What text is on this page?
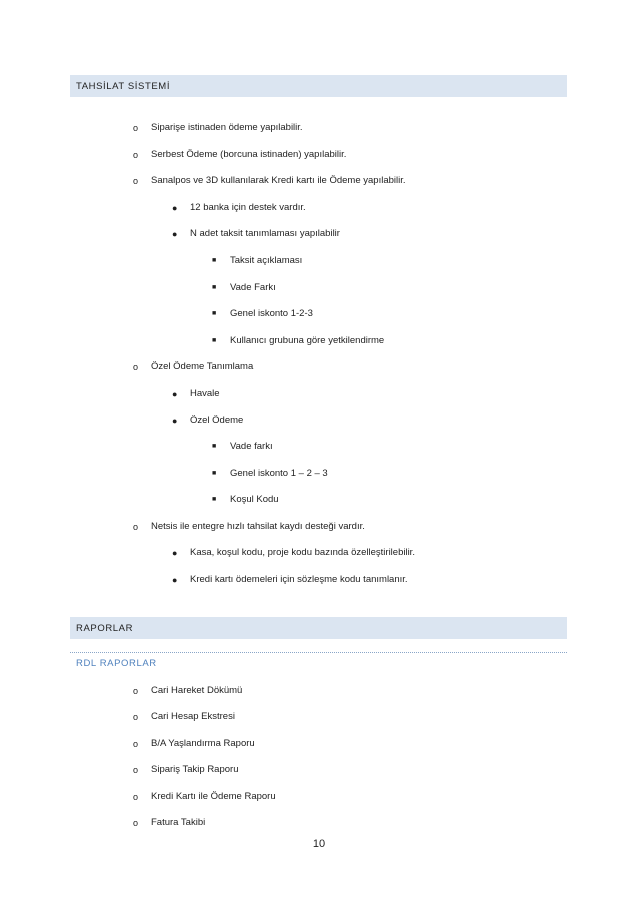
TAHSİLAT SİSTEMİ
o Siparişe istinaden ödeme yapılabilir.
o Serbest Ödeme (borcuna istinaden) yapılabilir.
o Sanalpos ve 3D kullanılarak Kredi kartı ile Ödeme yapılabilir.
● 12 banka için destek vardır.
● N adet taksit tanımlaması yapılabilir
■ Taksit açıklaması
■ Vade Farkı
■ Genel iskonto 1-2-3
■ Kullanıcı grubuna göre yetkilendirme
o Özel Ödeme Tanımlama
● Havale
● Özel Ödeme
■ Vade farkı
■ Genel iskonto 1 – 2 – 3
■ Koşul Kodu
o Netsis ile entegre hızlı tahsilat kaydı desteği vardır.
● Kasa, koşul kodu, proje kodu bazında özelleştirilebilir.
● Kredi kartı ödemeleri için sözleşme kodu tanımlanır.
RAPORLAR
RDL RAPORLAR
o Cari Hareket Dökümü
o Cari Hesap Ekstresi
o B/A Yaşlandırma Raporu
o Sipariş Takip Raporu
o Kredi Kartı ile Ödeme Raporu
o Fatura Takibi
10
